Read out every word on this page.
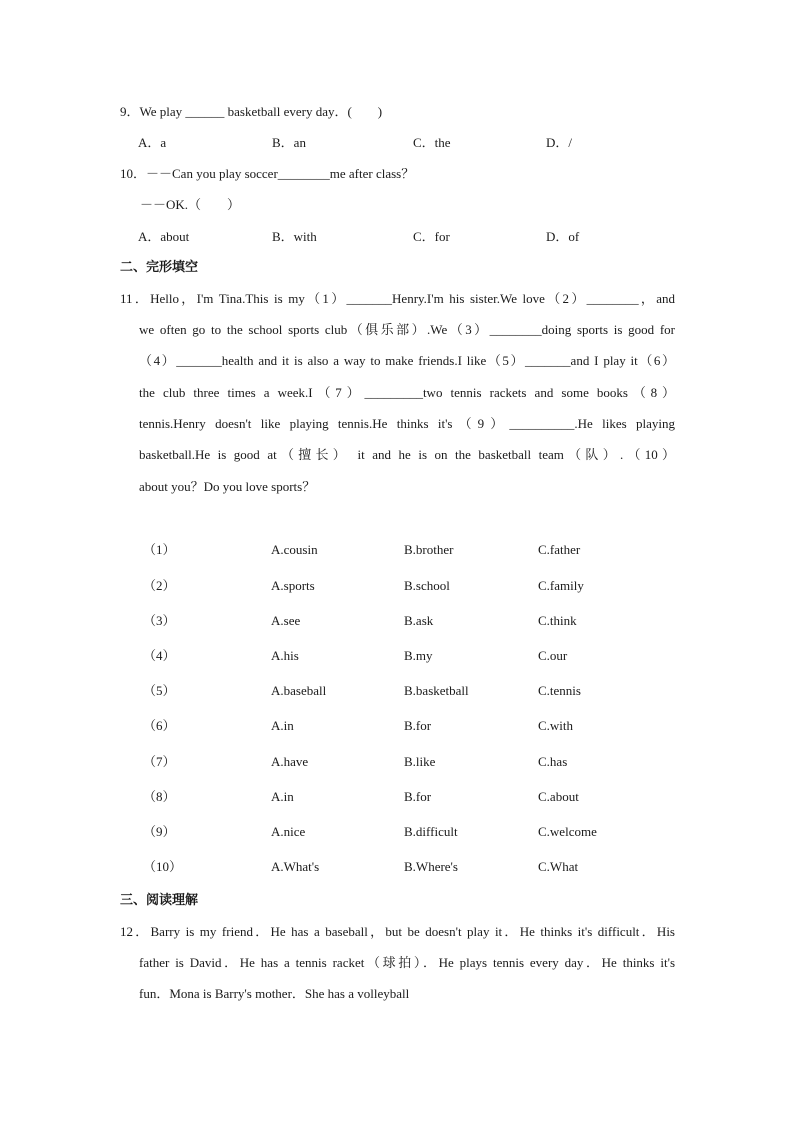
9．We play ______ basketball every day．(　　)
A．a	B．an	C．the	D．/
10．－－Can you play soccer________me after class？
－－OK.（　　）
A．about	B．with	C．for	D．of
二、完形填空
11．Hello，I'm Tina.This is my（1）_______Henry.I'm his sister.We love（2）________，and
we often go to the school sports club（俱乐部）.We（3）________doing sports is good for
（4）_______health and it is also a way to make friends.I like（5）_______and I play it（6）
the club three times a week.I（7）_________two tennis rackets and some books（8）
tennis.Henry doesn't like playing tennis.He thinks it's（9）__________.He likes playing
basketball.He is good at（擅长） it and he is on the basketball team（队）.（10）
about you？Do you love sports？
（1）	A.cousin	B.brother	C.father
（2）	A.sports	B.school	C.family
（3）	A.see	B.ask	C.think
（4）	A.his	B.my	C.our
（5）	A.baseball	B.basketball	C.tennis
（6）	A.in	B.for	C.with
（7）	A.have	B.like	C.has
（8）	A.in	B.for	C.about
（9）	A.nice	B.difficult	C.welcome
（10）	A.What's	B.Where's	C.What
三、阅读理解
12．Barry is my friend．He has a baseball，but be doesn't play it．He thinks it's difficult．His
father is David．He has a tennis racket（球拍）．He plays tennis every day．He thinks it's
fun．Mona is Barry's mother．She has a volleyball
